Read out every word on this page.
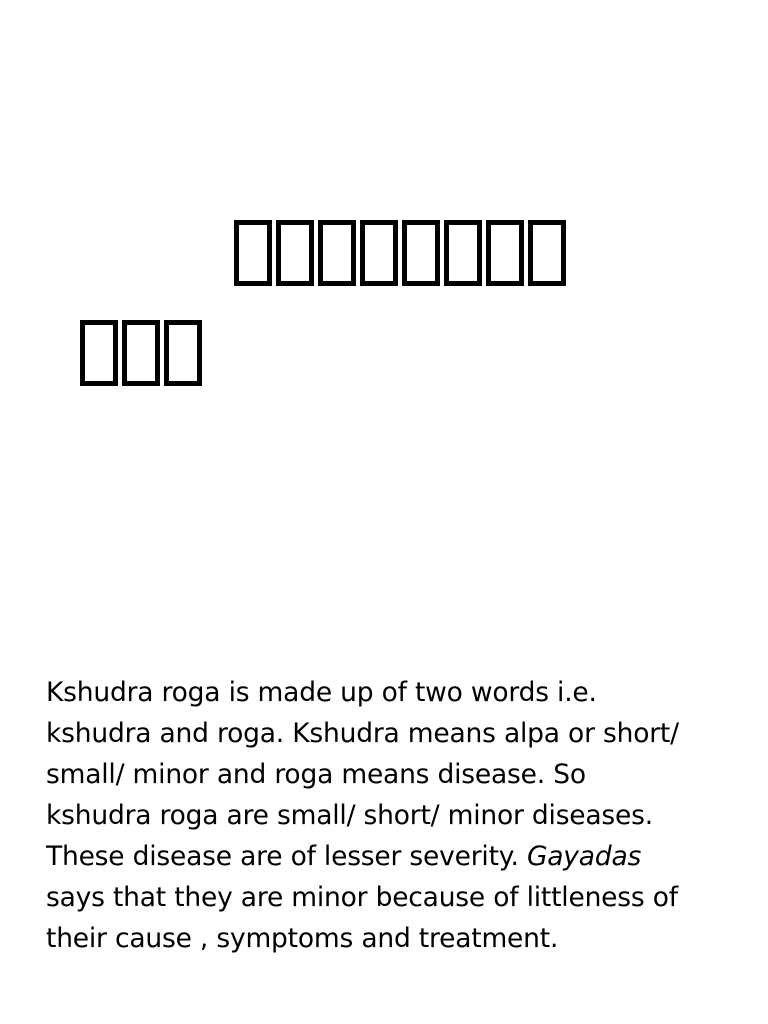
Kshudra roga is made up of two words i.e.
kshudra and roga. Kshudra means alpa or short/
small/ minor and roga means disease. So
kshudra roga are small/ short/ minor diseases.
These disease are of lesser severity. Gayadas
says that they are minor because of littleness of
their cause , symptoms and treatment.
